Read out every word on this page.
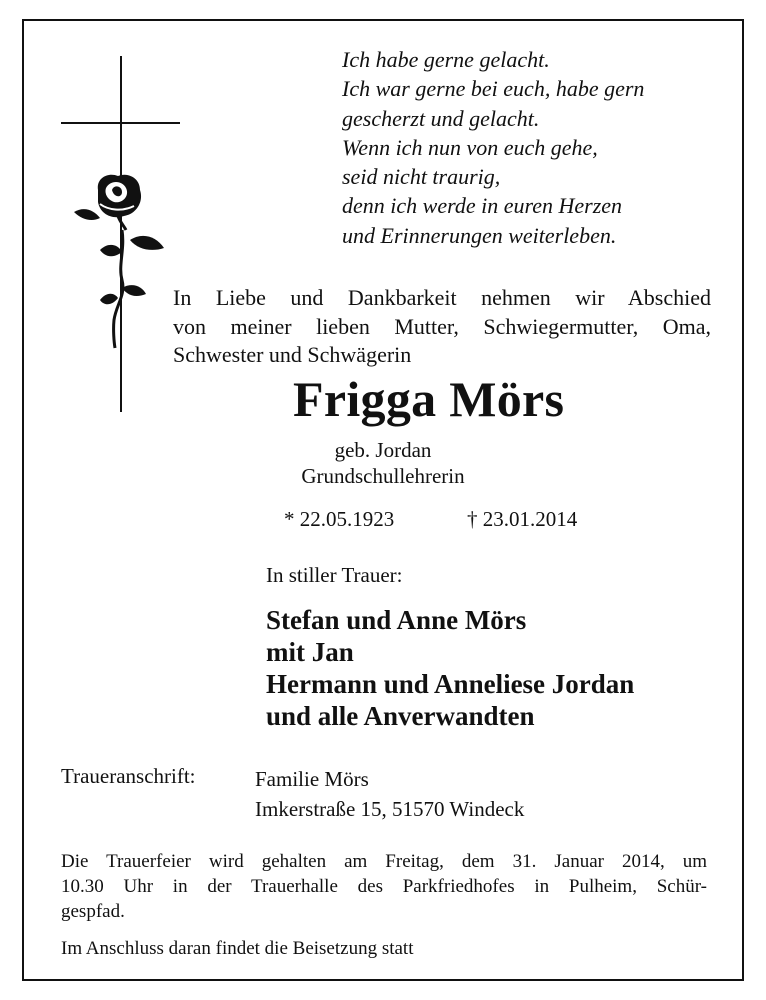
Ich habe gerne gelacht.
Ich war gerne bei euch, habe gern
gescherzt und gelacht.
Wenn ich nun von euch gehe,
seid nicht traurig,
denn ich werde in euren Herzen
und Erinnerungen weiterleben.
In Liebe und Dankbarkeit nehmen wir Abschied
von meiner lieben Mutter, Schwiegermutter, Oma,
Schwester und Schwägerin
Frigga Mörs
geb. Jordan
Grundschullehrerin
* 22.05.1923	† 23.01.2014
In stiller Trauer:
Stefan und Anne Mörs
mit Jan
Hermann und Anneliese Jordan
und alle Anverwandten
Traueranschrift:	Familie Mörs
Imkerstraße 15, 51570 Windeck
Die Trauerfeier wird gehalten am Freitag, dem 31. Januar 2014, um
10.30 Uhr in der Trauerhalle des Parkfriedhofes in Pulheim, Schür-
gespfad.
Im Anschluss daran findet die Beisetzung statt
